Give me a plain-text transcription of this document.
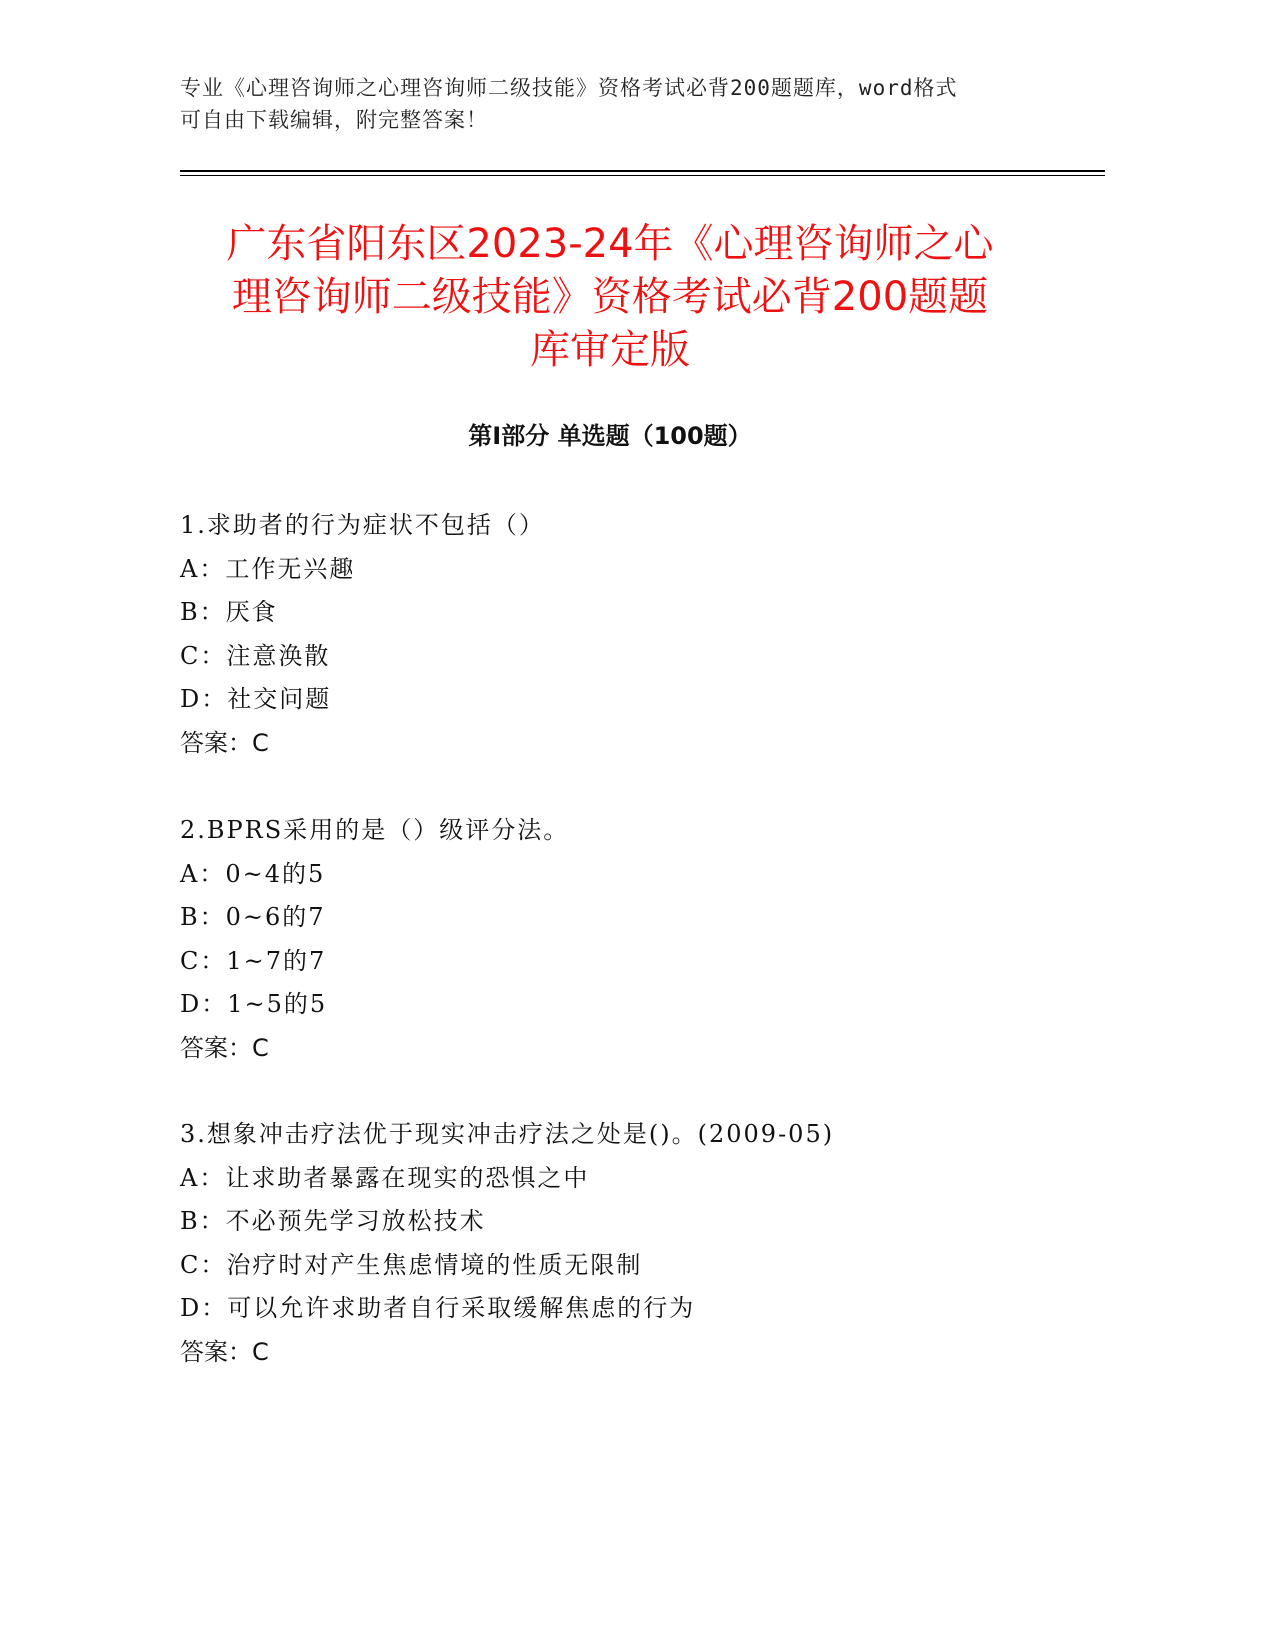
专业《心理咨询师之心理咨询师二级技能》资格考试必背200题题库，word格式
可自由下载编辑，附完整答案！
广东省阳东区2023-24年《心理咨询师之心
理咨询师二级技能》资格考试必背200题题
库审定版
第Ⅰ部分 单选题（100题）
1.求助者的行为症状不包括（）
A：工作无兴趣
B：厌食
C：注意涣散
D：社交问题
答案：C
2.BPRS采用的是（）级评分法。
A：0~4的5
B：0~6的7
C：1~7的7
D：1~5的5
答案：C
3.想象冲击疗法优于现实冲击疗法之处是()。(2009-05)
A：让求助者暴露在现实的恐惧之中
B：不必预先学习放松技术
C：治疗时对产生焦虑情境的性质无限制
D：可以允许求助者自行采取缓解焦虑的行为
答案：C
